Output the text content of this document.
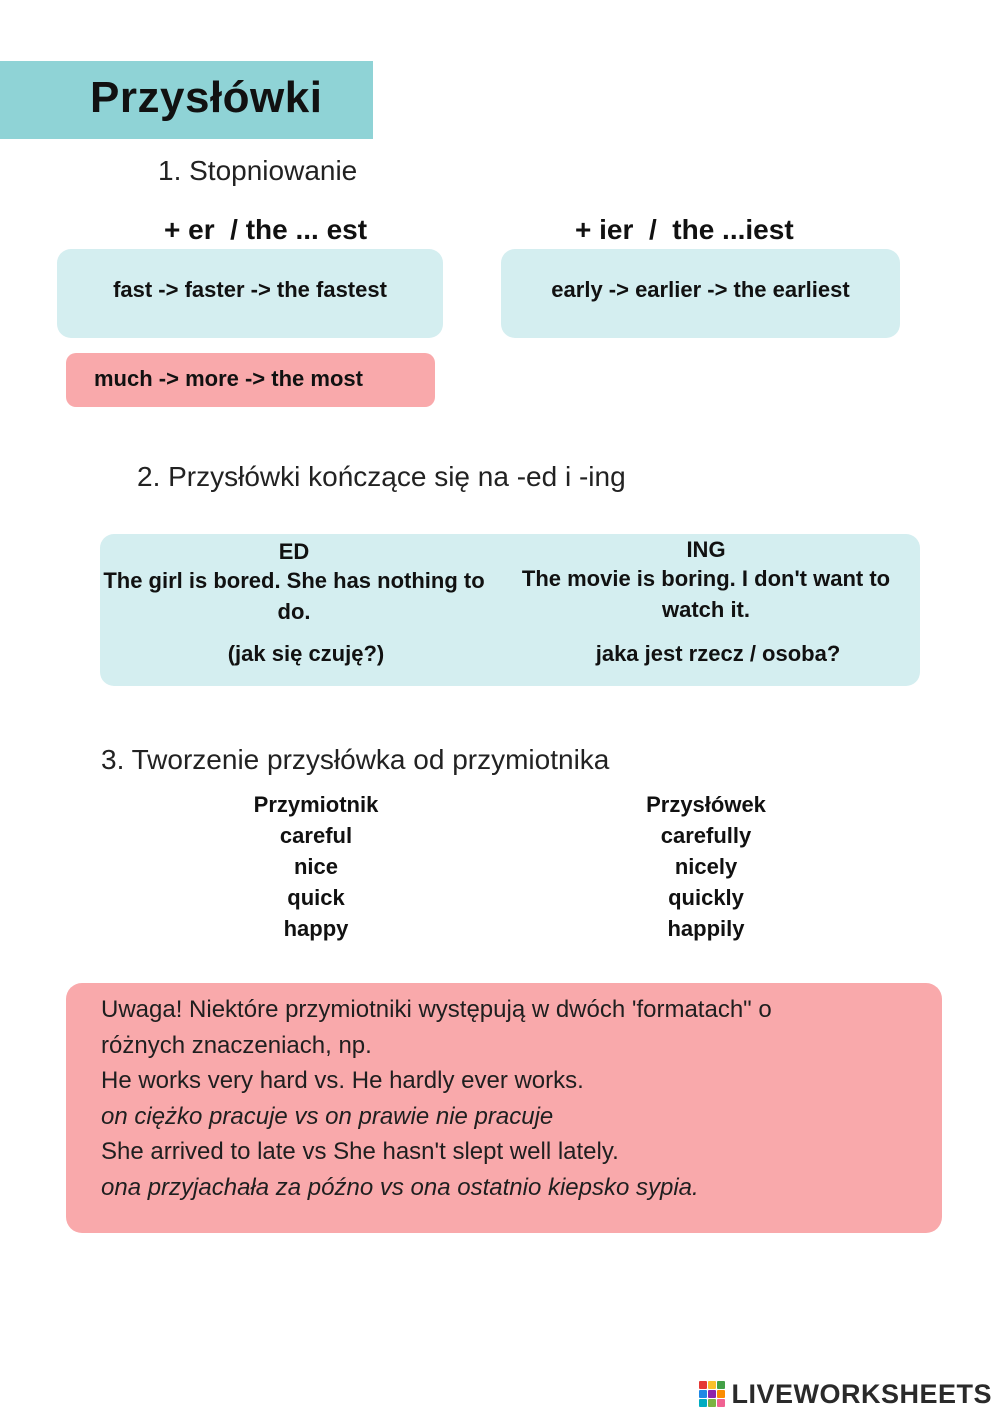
Przysłówki
1. Stopniowanie
+ er  / the ... est	+ ier  /  the ...iest
fast -> faster -> the fastest	early -> earlier -> the earliest
much -> more -> the most
2. Przysłówki kończące się na -ed i -ing
ED
The girl is bored. She has nothing to do.
(jak się czuję?)
ING
The movie is boring. I don't want to watch it.
jaka jest rzecz / osoba?
3. Tworzenie przysłówka od przymiotnika
Przymiotnik
careful
nice
quick
happy
Przysłówek
carefully
nicely
quickly
happily
Uwaga! Niektóre przymiotniki występują w dwóch 'formatach" o
różnych znaczeniach, np.
He works very hard vs. He hardly ever works.
on ciężko pracuje vs on prawie nie pracuje
She arrived to late vs She hasn't slept well lately.
ona przyjachała za późno vs ona ostatnio kiepsko sypia.
LIVEWORKSHEETS
